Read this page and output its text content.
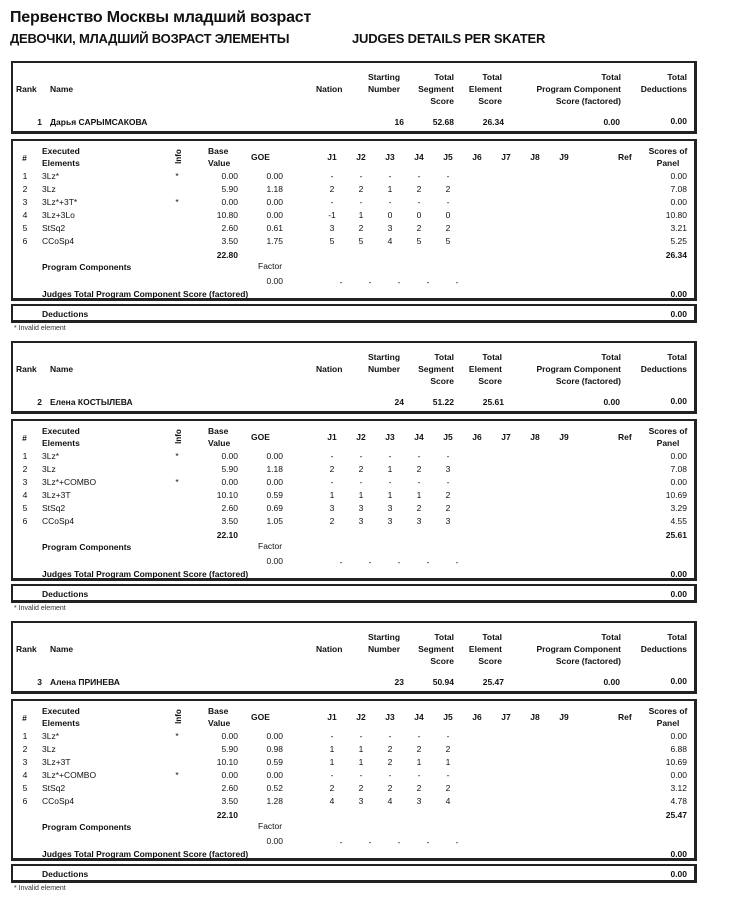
Первенство Москвы младший возраст
ДЕВОЧКИ, МЛАДШИЙ ВОЗРАСТ ЭЛЕМЕНТЫ	JUDGES DETAILS PER SKATER
Rank Name	Nation
Starting
Number
Total
Segment
Score
Total
Element
Score
Total
Program Component
Score (factored)
Total
Deductions
1 Дарья САРЫМСАКОВА	16	52.68	26.34	0.00	0.00
#
Executed
Elements	Info	Base
Value
GOE	J1	J2	J3	J4	J5	J6	J7	J8	J9	Ref
Scores of
Panel
1	3Lz*	*	0.00	0.00	-	-	-	-	-	0.00
2	3Lz	5.90	1.18	2	2	1	2	2	7.08
3	3Lz*+3T*	*	0.00	0.00	-	-	-	-	-	0.00
4	3Lz+3Lo	10.80	0.00	-1	1	0	0	0	10.80
5	StSq2	2.60	0.61	3	2	3	2	2	3.21
6	CCoSp4	3.50	1.75	5	5	4	5	5	5.25
22.80	26.34
Program Components	Factor
0.00	-	-	-	-	-
Judges Total Program Component Score (factored)	0.00
Deductions	0.00
* Invalid element
Rank Name	Nation
Starting
Number
Total
Segment
Score
Total
Element
Score
Total
Program Component
Score (factored)
Total
Deductions
2 Елена КОСТЫЛЕВА	24	51.22	25.61	0.00	0.00
#
Executed
Elements	Info	Base
Value
GOE	J1	J2	J3	J4	J5	J6	J7	J8	J9	Ref
Scores of
Panel
1	3Lz*	*	0.00	0.00	-	-	-	-	-	0.00
2	3Lz	5.90	1.18	2	2	1	2	3	7.08
3	3Lz*+COMBO	*	0.00	0.00	-	-	-	-	-	0.00
4	3Lz+3T	10.10	0.59	1	1	1	1	2	10.69
5	StSq2	2.60	0.69	3	3	3	2	2	3.29
6	CCoSp4	3.50	1.05	2	3	3	3	3	4.55
22.10	25.61
Program Components	Factor
0.00	-	-	-	-	-
Judges Total Program Component Score (factored)	0.00
Deductions	0.00
* Invalid element
Rank Name	Nation
Starting
Number
Total
Segment
Score
Total
Element
Score
Total
Program Component
Score (factored)
Total
Deductions
3 Алена ПРИНЕВА	23	50.94	25.47	0.00	0.00
#
Executed
Elements	Info	Base
Value
GOE	J1	J2	J3	J4	J5	J6	J7	J8	J9	Ref
Scores of
Panel
1	3Lz*	*	0.00	0.00	-	-	-	-	-	0.00
2	3Lz	5.90	0.98	1	1	2	2	2	6.88
3	3Lz+3T	10.10	0.59	1	1	2	1	1	10.69
4	3Lz*+COMBO	*	0.00	0.00	-	-	-	-	-	0.00
5	StSq2	2.60	0.52	2	2	2	2	2	3.12
6	CCoSp4	3.50	1.28	4	3	4	3	4	4.78
22.10	25.47
Program Components	Factor
0.00	-	-	-	-	-
Judges Total Program Component Score (factored)	0.00
Deductions	0.00
* Invalid element
